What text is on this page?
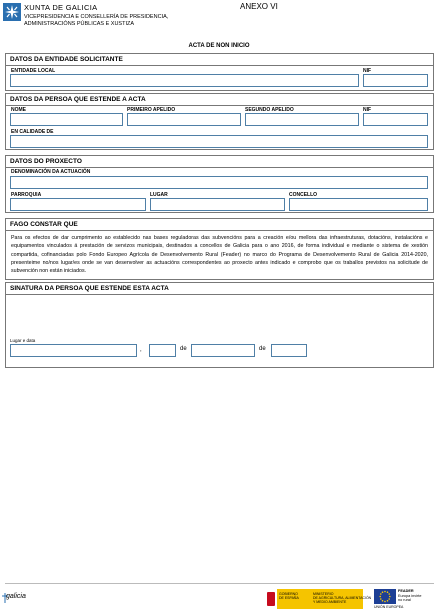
XUNTA DE GALICIA
VICEPRESIDENCIA E CONSELLERÍA DE PRESIDENCIA,
ADMINISTRACIÓNS PÚBLICAS E XUSTIZA
ANEXO VI
ACTA DE NON INICIO
DATOS DA ENTIDADE SOLICITANTE
ENTIDADE LOCAL	NIF
DATOS DA PERSOA QUE ESTENDE A ACTA
NOME	PRIMEIRO APELIDO	SEGUNDO APELIDO	NIF
EN CALIDADE DE
DATOS DO PROXECTO
DENOMINACIÓN DA ACTUACIÓN
PARROQUIA	LUGAR	CONCELLO
FAGO CONSTAR QUE
Para os efectos de dar cumprimento ao establecido nas bases reguladoras das subvencións para a creación e/ou mellora das infraestruturas, dotacións, instalacións e equipamentos vinculados á prestación de servizos municipais, destinados a concellos de Galicia para o ano 2016, de forma individual e mediante o sistema de xestión compartida, cofinanciadas polo Fondo Europeo Agrícola de Desenvolvemento Rural (Feader) no marco do Programa de Desenvolvemento Rural de Galicia 2014-2020, presenteime no/nos lugar/es onde se van desenvolver as actuacións correspondentes ao proxecto antes indicado e comprobo que os traballos previstos na solicitude de subvención non están iniciados.
SINATURA DA PERSOA QUE ESTENDE ESTA ACTA
Lugar e data
,	de	de
galicia	GOBIERNO
DE ESPAÑA
MINISTERIO
DE AGRICULTURA, ALIMENTACIÓN
Y MEDIO AMBIENTE
FEADER
Europa invirte
no rural
UNIÓN EUROPEA
